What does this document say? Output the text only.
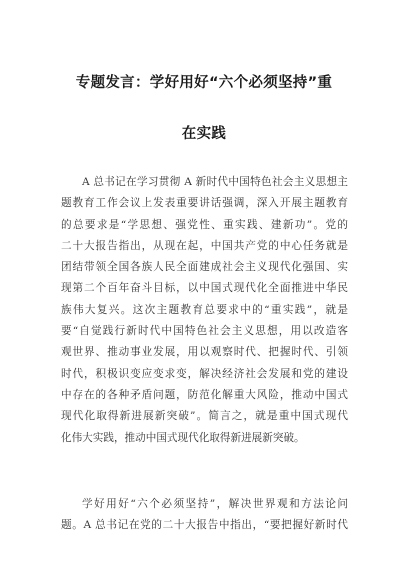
专题发言：学好用好“六个必须坚持”重
在实践
A 总书记在学习贯彻 A 新时代中国特色社会主义思想主
题教育工作会议上发表重要讲话强调，深入开展主题教育
的总要求是“学思想、强党性、重实践、建新功”。党的
二十大报告指出，从现在起，中国共产党的中心任务就是
团结带领全国各族人民全面建成社会主义现代化强国、实
现第二个百年奋斗目标，以中国式现代化全面推进中华民
族伟大复兴。这次主题教育总要求中的“重实践”，就是
要“自觉践行新时代中国特色社会主义思想，用以改造客
观世界、推动事业发展，用以观察时代、把握时代、引领
时代，积极识变应变求变，解决经济社会发展和党的建设
中存在的各种矛盾问题，防范化解重大风险，推动中国式
现代化取得新进展新突破”。简言之，就是重中国式现代
化伟大实践，推动中国式现代化取得新进展新突破。
学好用好“六个必须坚持”，解决世界观和方法论问
题。A 总书记在党的二十大报告中指出，“要把握好新时代
